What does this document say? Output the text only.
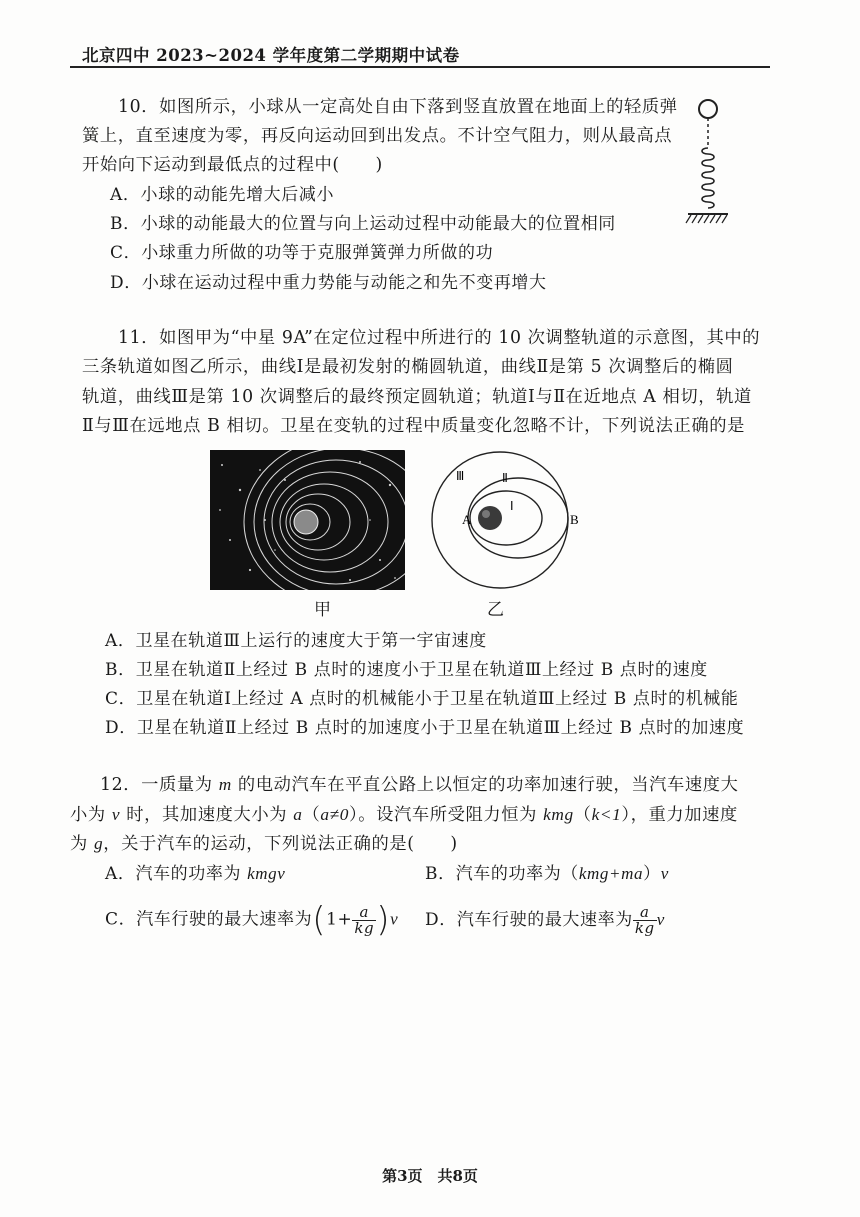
北京四中 2023~2024 学年度第二学期期中试卷
10．如图所示，小球从一定高处自由下落到竖直放置在地面上的轻质弹
簧上，直至速度为零，再反向运动回到出发点。不计空气阻力，则从最高点
开始向下运动到最低点的过程中(　　)
A．小球的动能先增大后减小
B．小球的动能最大的位置与向上运动过程中动能最大的位置相同
C．小球重力所做的功等于克服弹簧弹力所做的功
D．小球在运动过程中重力势能与动能之和先不变再增大
11．如图甲为“中星 9A”在定位过程中所进行的 10 次调整轨道的示意图，其中的
三条轨道如图乙所示，曲线Ⅰ是最初发射的椭圆轨道，曲线Ⅱ是第 5 次调整后的椭圆
轨道，曲线Ⅲ是第 10 次调整后的最终预定圆轨道；轨道Ⅰ与Ⅱ在近地点 A 相切，轨道
Ⅱ与Ⅲ在远地点 B 相切。卫星在变轨的过程中质量变化忽略不计，下列说法正确的是
Ⅲ	Ⅱ
Ⅰ
A	B
甲	乙
A．卫星在轨道Ⅲ上运行的速度大于第一宇宙速度
B．卫星在轨道Ⅱ上经过 B 点时的速度小于卫星在轨道Ⅲ上经过 B 点时的速度
C．卫星在轨道Ⅰ上经过 A 点时的机械能小于卫星在轨道Ⅲ上经过 B 点时的机械能
D．卫星在轨道Ⅱ上经过 B 点时的加速度小于卫星在轨道Ⅲ上经过 B 点时的加速度
12．一质量为 m 的电动汽车在平直公路上以恒定的功率加速行驶，当汽车速度大
小为 v 时，其加速度大小为 a（a≠0）。设汽车所受阻力恒为 kmg（k<1），重力加速度
为 g，关于汽车的运动，下列说法正确的是(　　)
A．汽车的功率为 kmgv	B．汽车的功率为（kmg+ma）v
C．汽车行驶的最大速率为$(1+ \frac{a}{kg} )v$ D．汽车行驶的最大速率为 $\frac{a}{kg}$ v
第3页　共8页
